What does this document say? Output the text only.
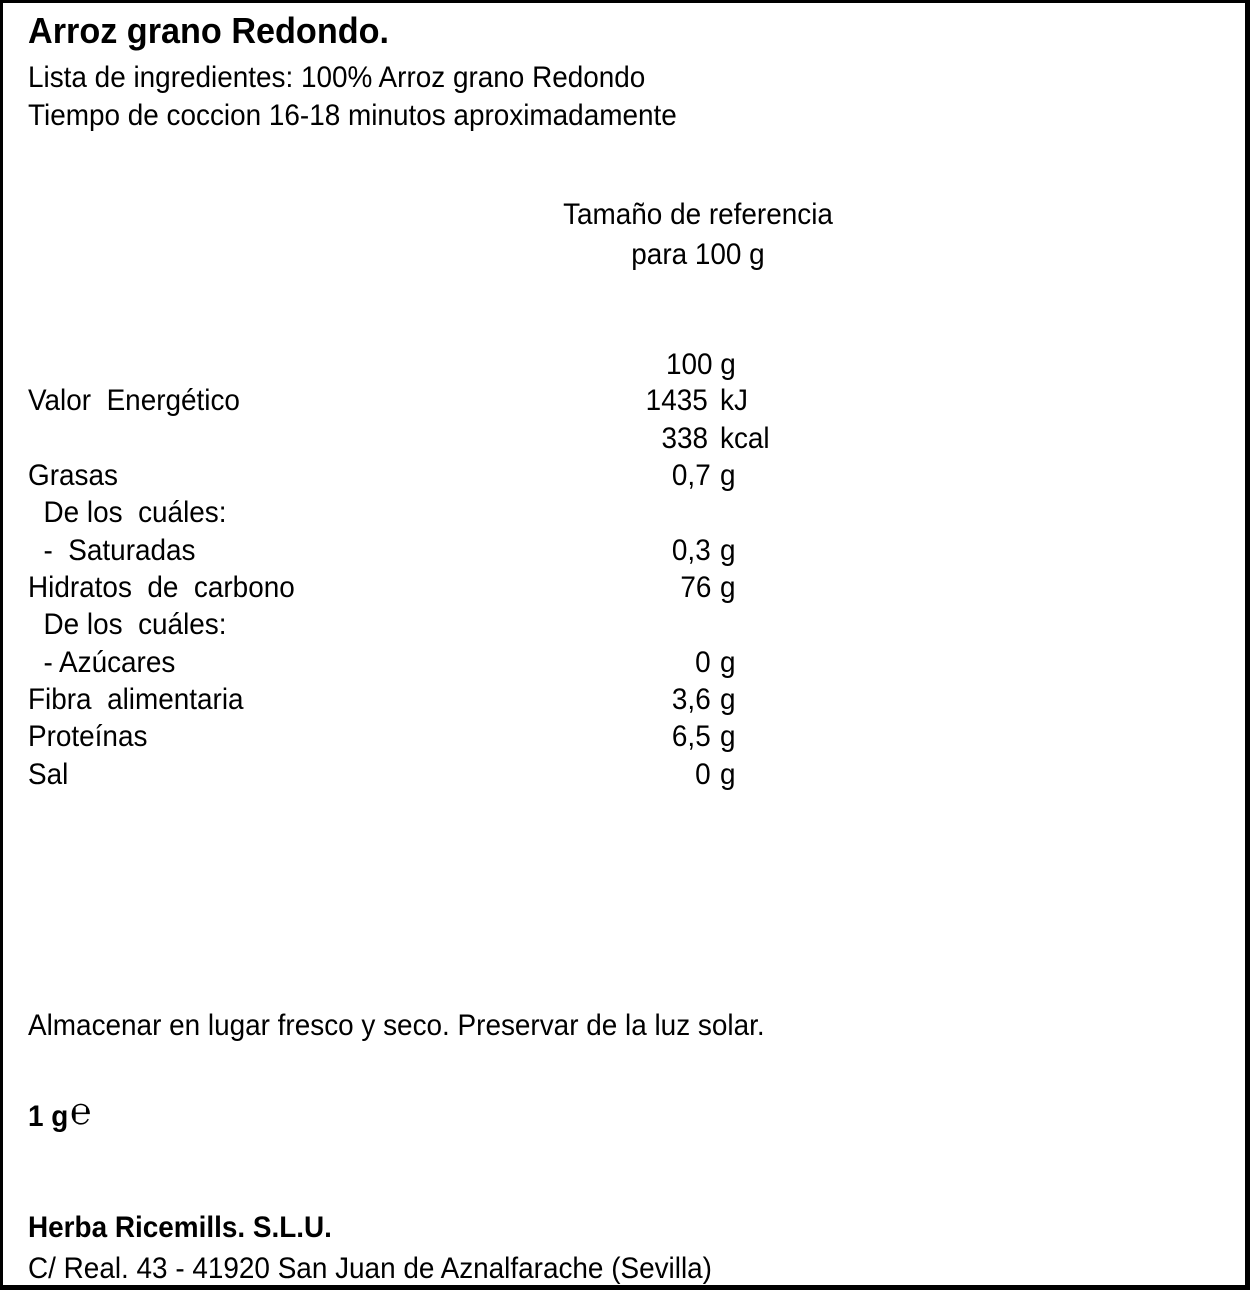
Arroz grano Redondo.
Lista de ingredientes: 100% Arroz grano Redondo
Tiempo de coccion 16-18 minutos aproximadamente
Tamaño de referencia
para 100 g
100 g
Valor  Energético	1435 kJ
338 kcal
Grasas	0,7 g
De los  cuáles:
-  Saturadas	0,3 g
Hidratos  de  carbono	76 g
De los  cuáles:
- Azúcares	0 g
Fibra  alimentaria	3,6 g
Proteínas	6,5 g
Sal	0 g
Almacenar en lugar fresco y seco. Preservar de la luz solar.
1 g℮
Herba Ricemills. S.L.U.
C/ Real. 43 - 41920 San Juan de Aznalfarache (Sevilla)
